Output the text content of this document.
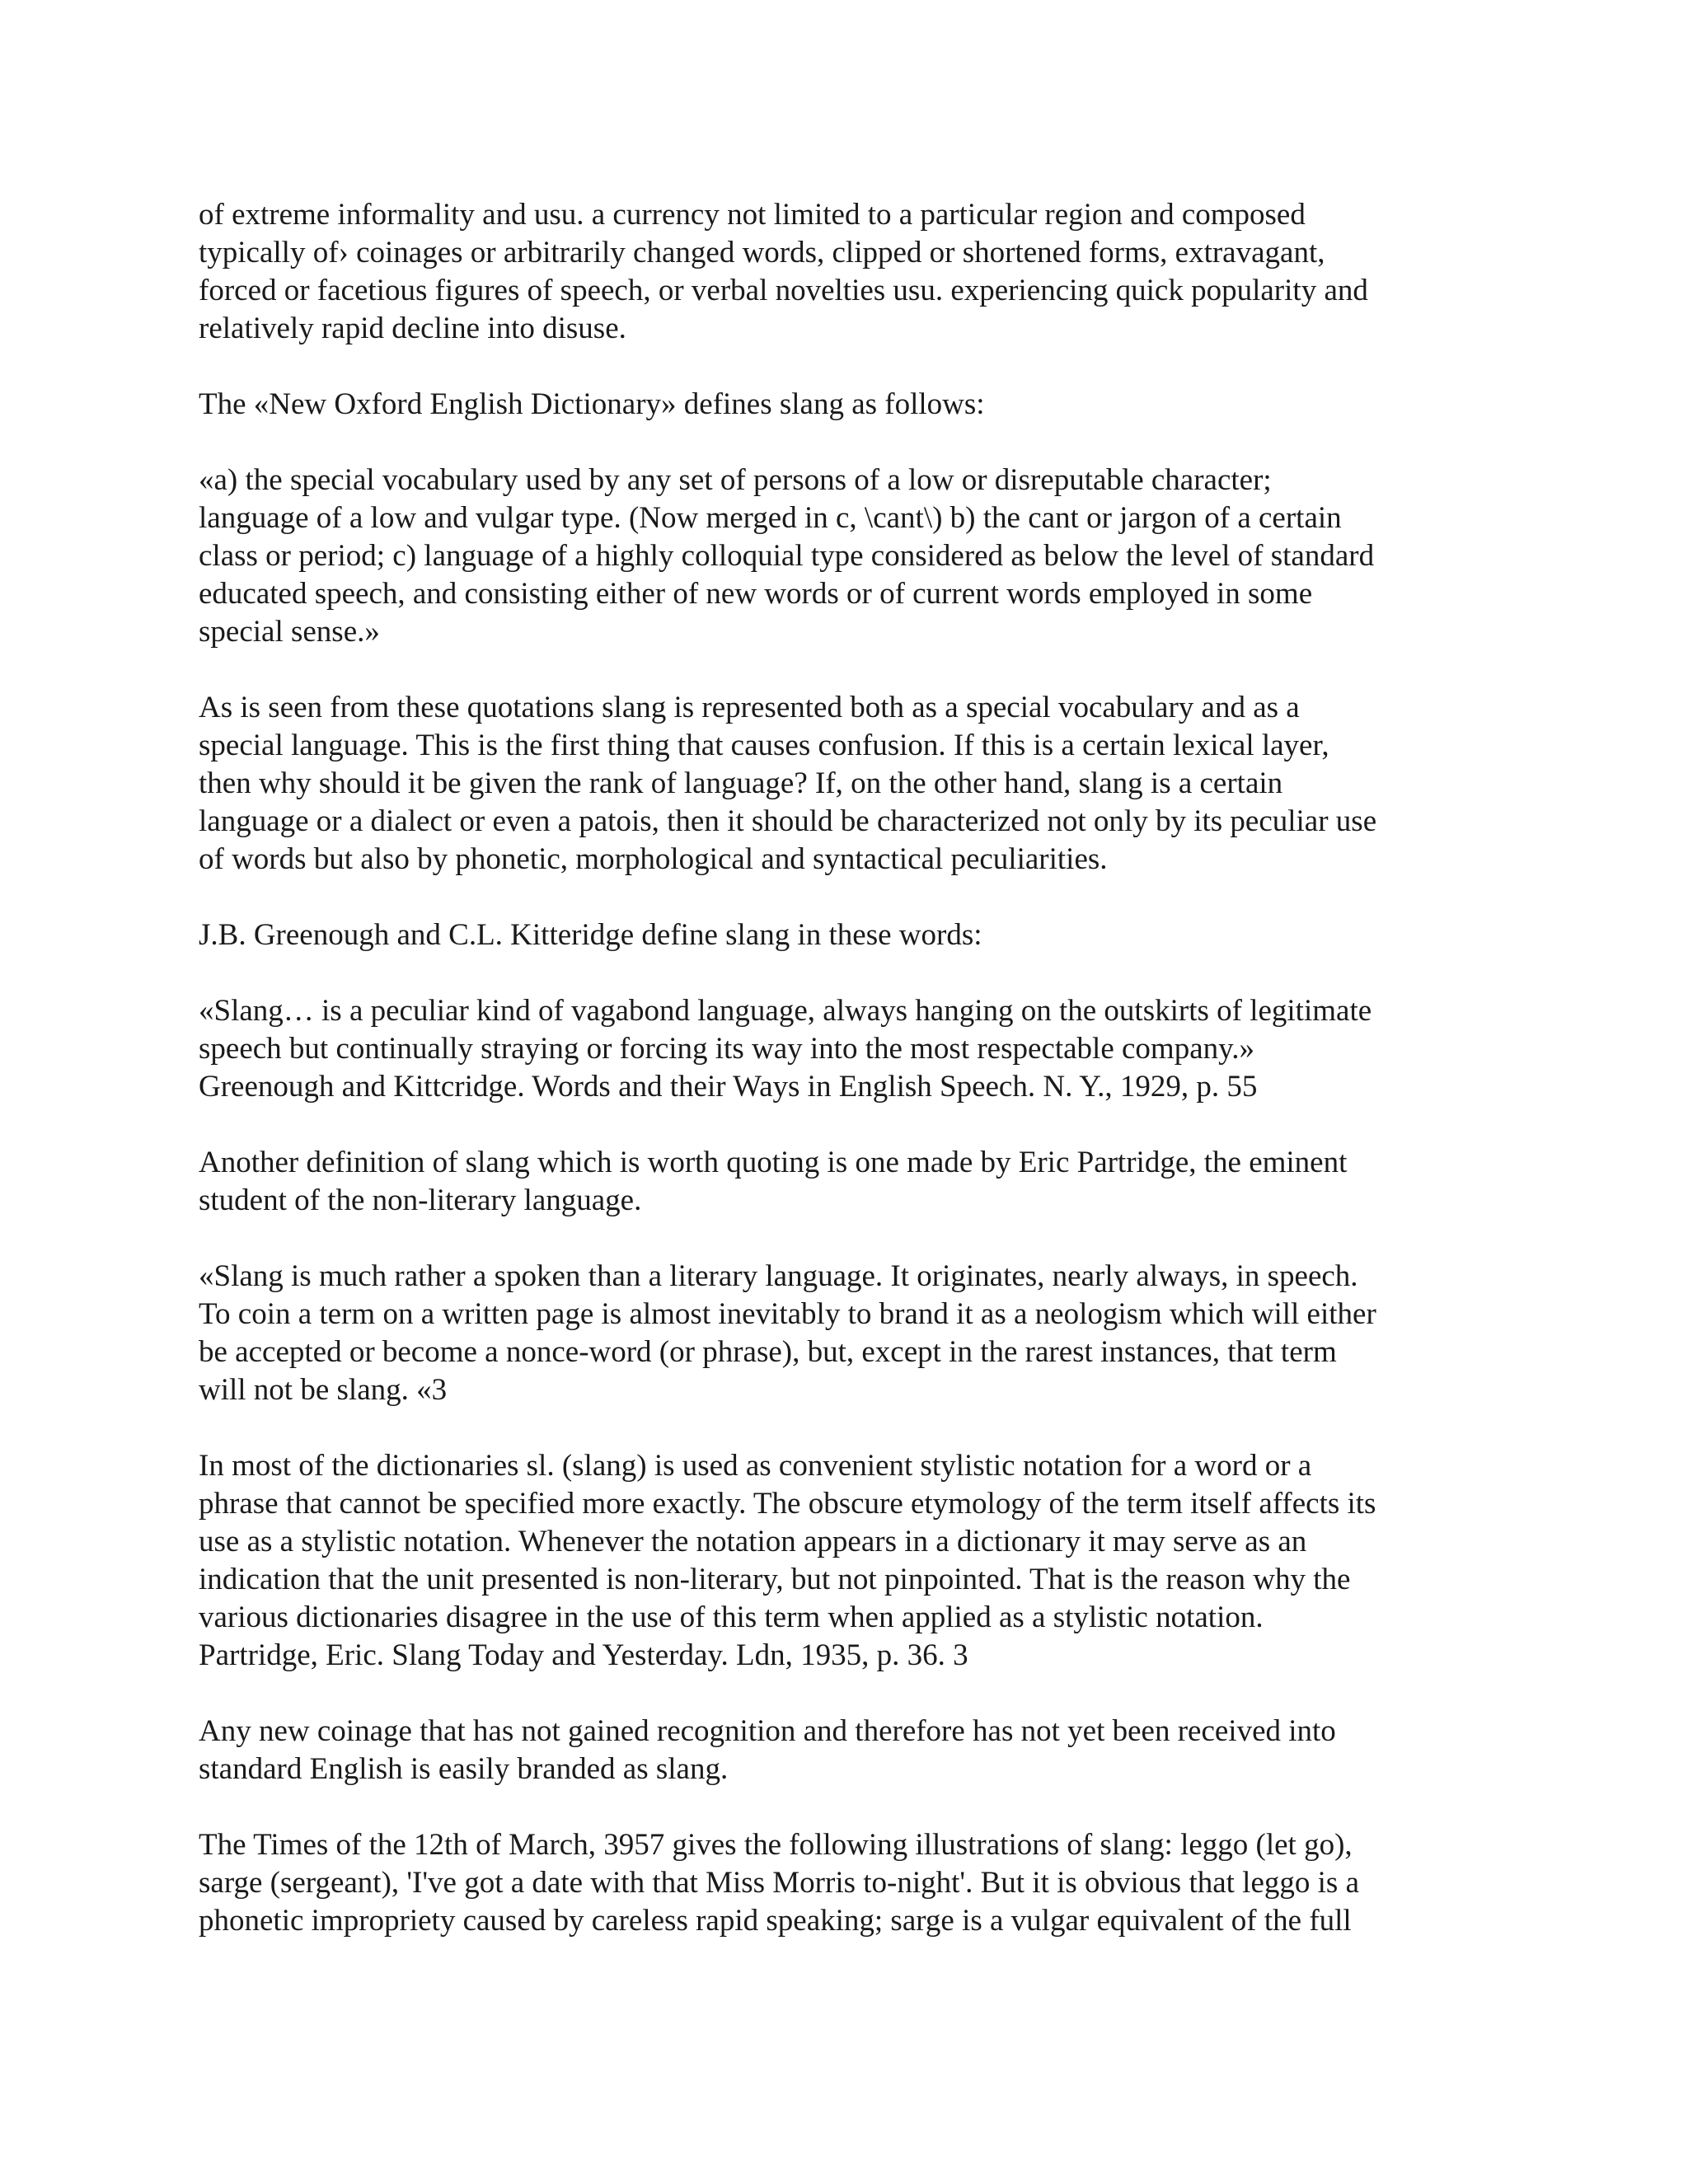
of extreme informality and usu. a currency not limited to a particular region and composed
typically of› coinages or arbitrarily changed words, clipped or shortened forms, extravagant,
forced or facetious figures of speech, or verbal novelties usu. experiencing quick popularity and
relatively rapid decline into disuse.

The «New Oxford English Dictionary» defines slang as follows:

«a) the special vocabulary used by any set of persons of a low or disreputable character;
language of a low and vulgar type. (Now merged in c, \cant\) b) the cant or jargon of a certain
class or period; c) language of a highly colloquial type considered as below the level of standard
educated speech, and consisting either of new words or of current words employed in some
special sense.»

As is seen from these quotations slang is represented both as a special vocabulary and as a
special language. This is the first thing that causes confusion. If this is a certain lexical layer,
then why should it be given the rank of language? If, on the other hand, slang is a certain
language or a dialect or even a patois, then it should be characterized not only by its peculiar use
of words but also by phonetic, morphological and syntactical peculiarities.

J.B. Greenough and C.L. Kitteridge define slang in these words:

«Slang… is a peculiar kind of vagabond language, always hanging on the outskirts of legitimate
speech but continually straying or forcing its way into the most respectable company.»
Greenough and Kittcridge. Words and their Ways in English Speech. N. Y., 1929, p. 55

Another definition of slang which is worth quoting is one made by Eric Partridge, the eminent
student of the non-literary language.

«Slang is much rather a spoken than a literary language. It originates, nearly always, in speech.
To coin a term on a written page is almost inevitably to brand it as a neologism which will either
be accepted or become a nonce-word (or phrase), but, except in the rarest instances, that term
will not be slang. «3

In most of the dictionaries sl. (slang) is used as convenient stylistic notation for a word or a
phrase that cannot be specified more exactly. The obscure etymology of the term itself affects its
use as a stylistic notation. Whenever the notation appears in a dictionary it may serve as an
indication that the unit presented is non-literary, but not pinpointed. That is the reason why the
various dictionaries disagree in the use of this term when applied as a stylistic notation.
Partridge, Eric. Slang Today and Yesterday. Ldn, 1935, p. 36. 3

Any new coinage that has not gained recognition and therefore has not yet been received into
standard English is easily branded as slang.

The Times of the 12th of March, 3957 gives the following illustrations of slang: leggo (let go),
sarge (sergeant), 'I've got a date with that Miss Morris to-night'. But it is obvious that leggo is a
phonetic impropriety caused by careless rapid speaking; sarge is a vulgar equivalent of the full
